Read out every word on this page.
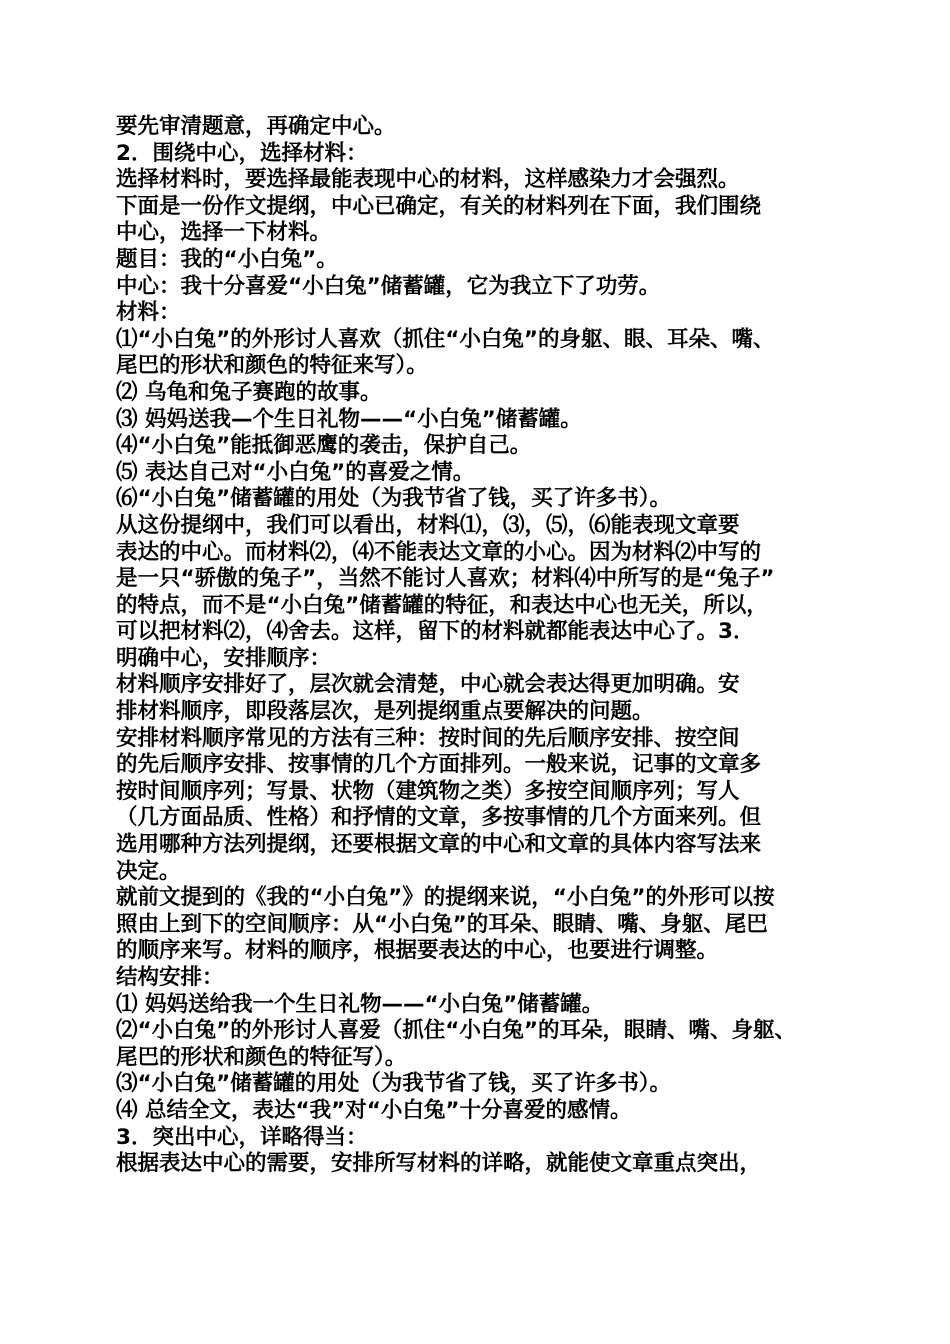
要先审清题意，再确定中心。
2．围绕中心，选择材料：
选择材料时，要选择最能表现中心的材料，这样感染力才会强烈。
下面是一份作文提纲，中心已确定，有关的材料列在下面，我们围绕
中心，选择一下材料。
题目：我的“小白兔”。
中心：我十分喜爱“小白兔”储蓄罐，它为我立下了功劳。
材料：
⑴“小白兔”的外形讨人喜欢（抓住“小白兔”的身躯、眼、耳朵、嘴、
尾巴的形状和颜色的特征来写）。
⑵ 乌龟和兔子赛跑的故事。
⑶ 妈妈送我—个生日礼物——“小白兔”储蓄罐。
⑷“小白兔”能抵御恶鹰的袭击，保护自己。
⑸ 表达自己对“小白兔”的喜爱之情。
⑹“小白兔”储蓄罐的用处（为我节省了钱，买了许多书）。
从这份提纲中，我们可以看出，材料⑴，⑶，⑸，⑹能表现文章要
表达的中心。而材料⑵，⑷不能表达文章的小心。因为材料⑵中写的
是一只“骄傲的兔子”，当然不能讨人喜欢；材料⑷中所写的是“兔子”
的特点，而不是“小白兔”储蓄罐的特征，和表达中心也无关，所以，
可以把材料⑵，⑷舍去。这样，留下的材料就都能表达中心了。3．
明确中心，安排顺序：
材料顺序安排好了，层次就会清楚，中心就会表达得更加明确。安
排材料顺序，即段落层次，是列提纲重点要解决的问题。
安排材料顺序常见的方法有三种：按时间的先后顺序安排、按空间
的先后顺序安排、按事情的几个方面排列。一般来说，记事的文章多
按时间顺序列；写景、状物（建筑物之类）多按空间顺序列；写人
（几方面品质、性格）和抒情的文章，多按事情的几个方面来列。但
选用哪种方法列提纲，还要根据文章的中心和文章的具体内容写法来
决定。
就前文提到的《我的“小白兔”》的提纲来说，“小白兔”的外形可以按
照由上到下的空间顺序：从“小白兔”的耳朵、眼睛、嘴、身躯、尾巴
的顺序来写。材料的顺序，根据要表达的中心，也要进行调整。
结构安排：
⑴ 妈妈送给我一个生日礼物——“小白兔”储蓄罐。
⑵“小白兔”的外形讨人喜爱（抓住“小白兔”的耳朵，眼睛、嘴、身躯、
尾巴的形状和颜色的特征写）。
⑶“小白兔”储蓄罐的用处（为我节省了钱，买了许多书）。
⑷ 总结全文，表达“我”对“小白兔”十分喜爱的感情。
3．突出中心，详略得当：
根据表达中心的需要，安排所写材料的详略，就能使文章重点突出，
